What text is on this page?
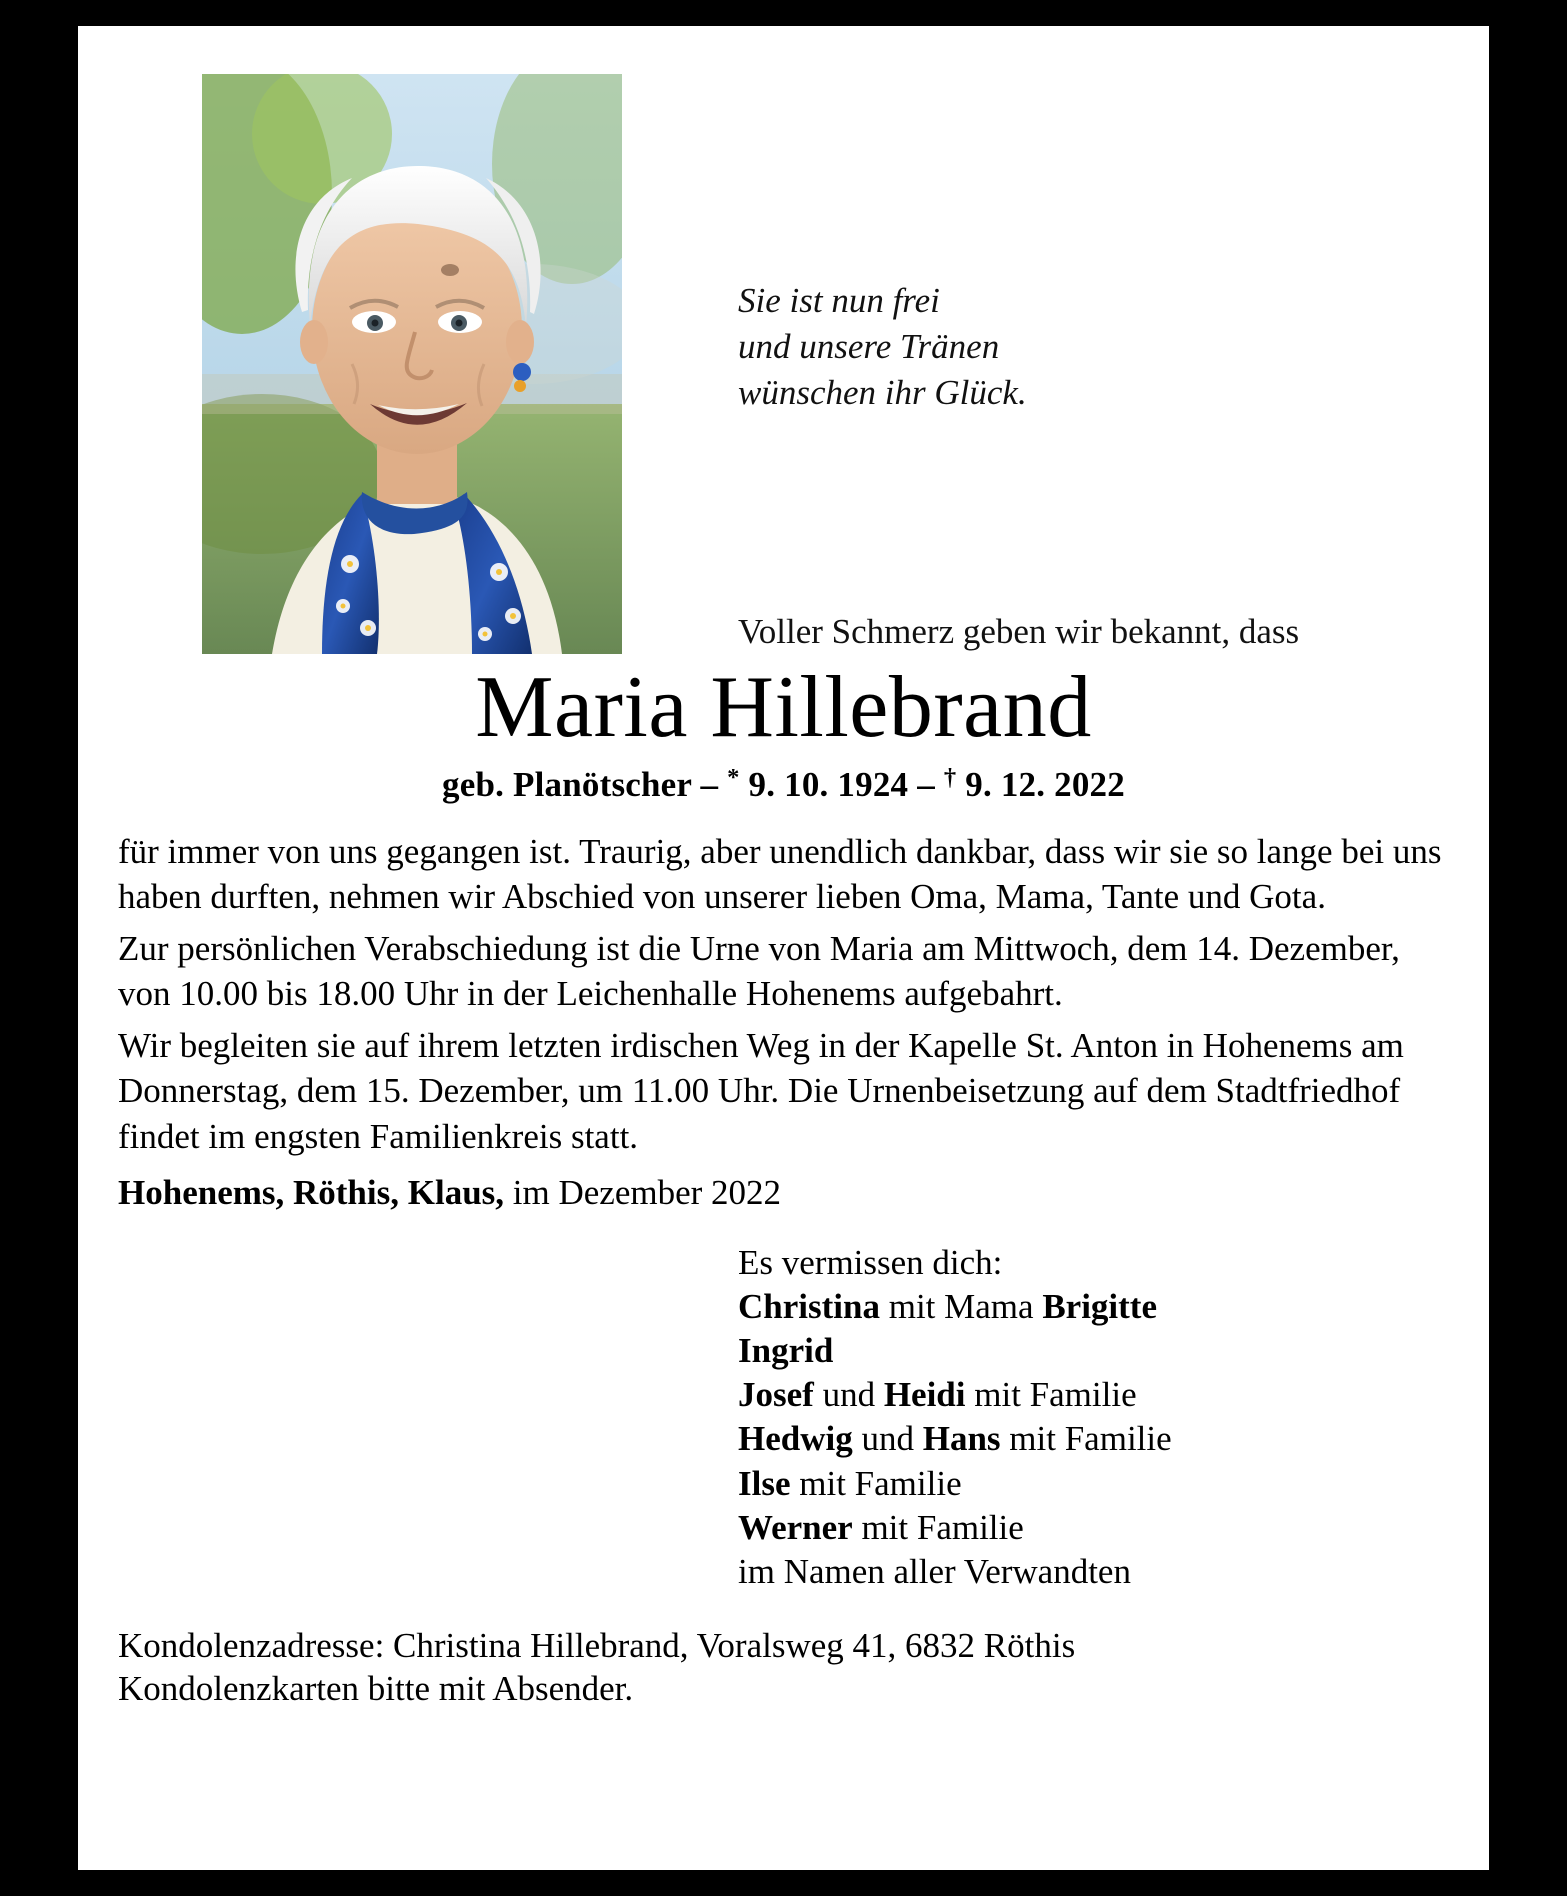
Sie ist nun frei
und unsere Tränen
wünschen ihr Glück.
Voller Schmerz geben wir bekannt, dass
Maria Hillebrand
geb. Planötscher – * 9. 10. 1924 – † 9. 12. 2022

für immer von uns gegangen ist. Traurig, aber unendlich dankbar, dass wir sie so lange bei uns haben durften, nehmen wir Abschied von unserer lieben Oma, Mama, Tante und Gota.

Zur persönlichen Verabschiedung ist die Urne von Maria am Mittwoch, dem 14. Dezember, von 10.00 bis 18.00 Uhr in der Leichenhalle Hohenems aufgebahrt.

Wir begleiten sie auf ihrem letzten irdischen Weg in der Kapelle St. Anton in Hohenems am Donnerstag, dem 15. Dezember, um 11.00 Uhr. Die Urnenbeisetzung auf dem Stadtfriedhof findet im engsten Familienkreis statt.

Hohenems, Röthis, Klaus, im Dezember 2022
Es vermissen dich:
Christina mit Mama Brigitte
Ingrid
Josef und Heidi mit Familie
Hedwig und Hans mit Familie
Ilse mit Familie
Werner mit Familie
im Namen aller Verwandten
Kondolenzadresse: Christina Hillebrand, Voralsweg 41, 6832 Röthis
Kondolenzkarten bitte mit Absender.
